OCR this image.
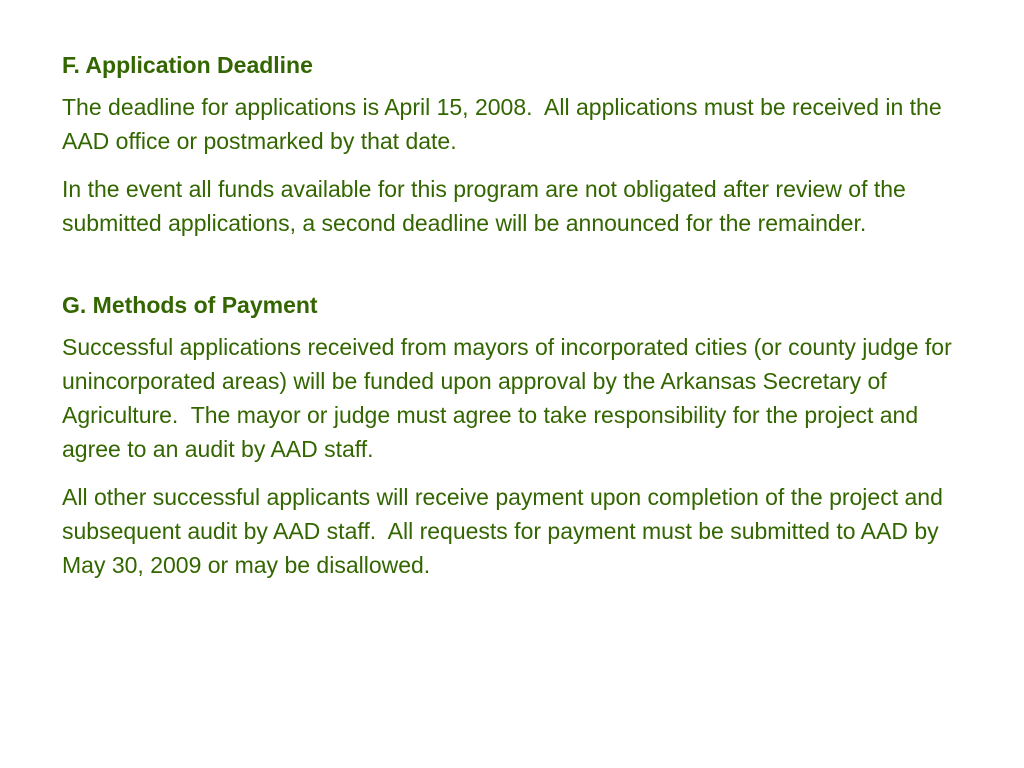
F. Application Deadline
The deadline for applications is April 15, 2008.  All applications must be received in the AAD office or postmarked by that date.
In the event all funds available for this program are not obligated after review of the submitted applications, a second deadline will be announced for the remainder.
G. Methods of Payment
Successful applications received from mayors of incorporated cities (or county judge for unincorporated areas) will be funded upon approval by the Arkansas Secretary of Agriculture.  The mayor or judge must agree to take responsibility for the project and agree to an audit by AAD staff.
All other successful applicants will receive payment upon completion of the project and subsequent audit by AAD staff.  All requests for payment must be submitted to AAD by May 30, 2009 or may be disallowed.
